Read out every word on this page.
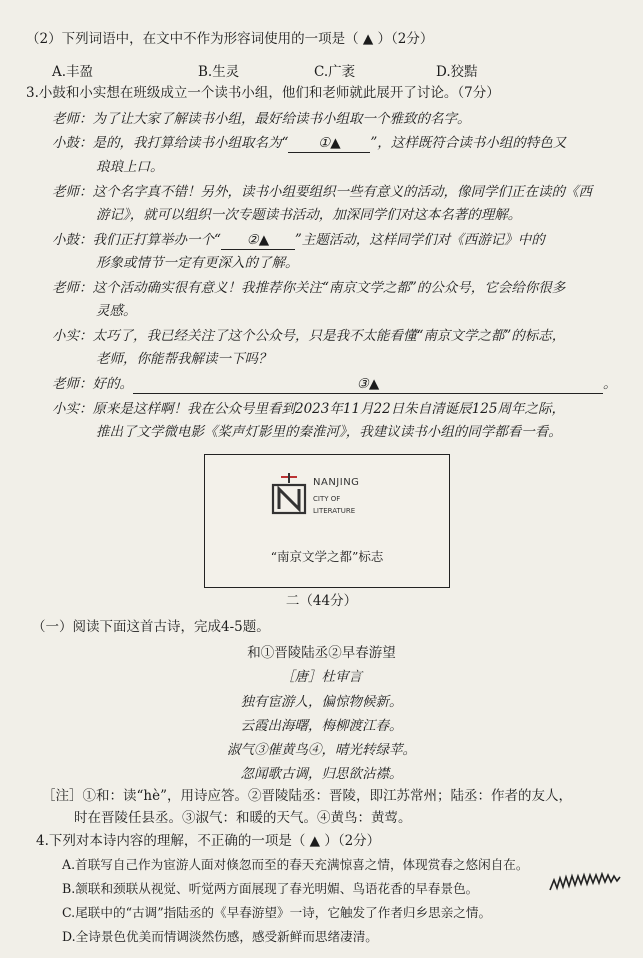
（2）下列词语中，在文中不作为形容词使用的一项是（ ▲ ）（2分）
A.丰盈	B.生灵	C.广袤	D.狡黠
3.小鼓和小实想在班级成立一个读书小组，他们和老师就此展开了讨论。（7分）
老师：为了让大家了解读书小组，最好给读书小组取一个雅致的名字。
小鼓：是的，我打算给读书小组取名为“ ①▲ ”，这样既符合读书小组的特色又
琅琅上口。
老师：这个名字真不错！另外，读书小组要组织一些有意义的活动，像同学们正在读的《西
游记》，就可以组织一次专题读书活动，加深同学们对这本名著的理解。
小鼓：我们正打算举办一个“ ②▲ ”主题活动，这样同学们对《西游记》中的
形象或情节一定有更深入的了解。
老师：这个活动确实很有意义！我推荐你关注“南京文学之都”的公众号，它会给你很多
灵感。
小实：太巧了，我已经关注了这个公众号，只是我不太能看懂“南京文学之都”的标志，
老师，你能帮我解读一下吗？
老师：好的。	③▲	。
小实：原来是这样啊！我在公众号里看到2023年11月22日朱自清诞辰125周年之际，
推出了文学微电影《桨声灯影里的秦淮河》，我建议读书小组的同学都看一看。
NANJING
CITY OF
LITERATURE
“南京文学之都”标志
二（44分）
（一）阅读下面这首古诗，完成4-5题。
和①晋陵陆丞②早春游望
［唐］杜审言
独有宦游人，偏惊物候新。
云霞出海曙，梅柳渡江春。
淑气③催黄鸟④，晴光转绿苹。
忽闻歌古调，归思欲沾襟。
［注］①和：读“hè”，用诗应答。②晋陵陆丞：晋陵，即江苏常州；陆丞：作者的友人，
时在晋陵任县丞。③淑气：和暖的天气。④黄鸟：黄莺。
4.下列对本诗内容的理解，不正确的一项是（ ▲ ）（2分）
A.首联写自己作为宦游人面对倏忽而至的春天充满惊喜之情，体现赏春之悠闲自在。
B.颔联和颈联从视觉、听觉两方面展现了春光明媚、鸟语花香的早春景色。
C.尾联中的“古调”指陆丞的《早春游望》一诗，它触发了作者归乡思亲之情。
D.全诗景色优美而情调淡然伤感，感受新鲜而思绪凄清。
